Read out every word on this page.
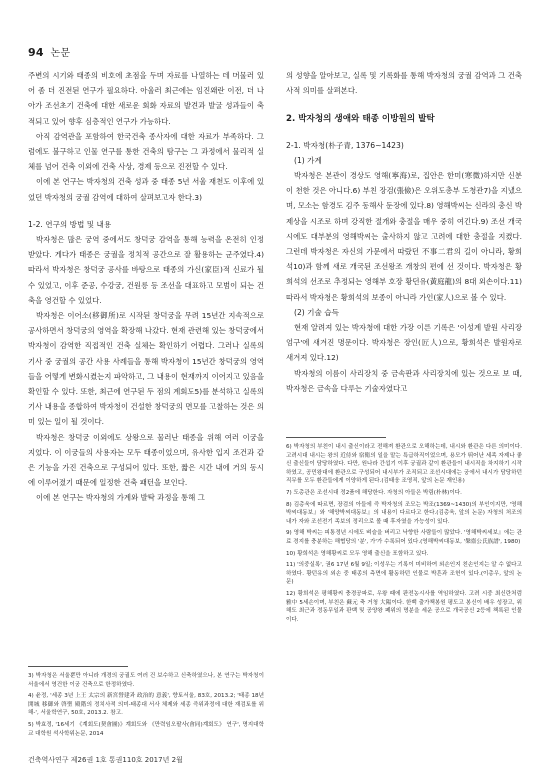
94 논문

주변의 시기와 태종의 비호에 초점을 두며 자료를 나열하는 데 머물러 있어 좀 더 진전된 연구가 필요하다. 아울러 최근에는 임진왜란 이전, 더 나아가 조선초기 건축에 대한 새로운 회화 자료의 발견과 발굴 성과들이 축적되고 있어 향후 심층적인 연구가 가능하다.

아직 감역관을 포함하여 한국건축 종사자에 대한 자료가 부족하다. 그럼에도 불구하고 인물 연구를 통한 건축의 탐구는 그 과정에서 물리적 실체를 넘어 건축 이외에 건축 사상, 경제 등으로 진전할 수 있다.

이에 본 연구는 박자청의 건축 성과 중 태종 5년 서울 재천도 이후에 있었던 박자청의 궁궐 감역에 대하여 살펴보고자 한다.3)

1-2. 연구의 방법 및 내용

박자청은 많은 궁역 중에서도 창덕궁 감역을 통해 능력을 온전히 인정받았다. 게다가 태종은 궁궐을 정치적 공간으로 잘 활용하는 군주였다.4) 따라서 박자청은 창덕궁 공사를 바탕으로 태종의 가신(家臣)적 신료가 될 수 있었고, 이후 준공, 수강궁, 건원릉 등 조선을 대표하고 모범이 되는 건축을 영건할 수 있었다.

박자청은 이어소(移御所)로 시작된 창덕궁을 무려 15년간 지속적으로 공사하면서 창덕궁의 영역을 확장해 나갔다. 현재 관련해 있는 창덕궁에서 박자청이 감역한 직접적인 건축 실체는 확인하기 어렵다. 그러나 실록의 기사 중 궁궐의 공간 사용 사례들을 통해 박자청이 15년간 창덕궁의 영역들을 어떻게 변화시켰는지 파악하고, 그 내용이 현재까지 이어지고 있음을 확인할 수 있다. 또한, 최근에 연구된 두 점의 계회도5)를 분석하고 실록의 기사 내용을 종합하여 박자청이 건설한 창덕궁의 면모를 고찰하는 것은 의미 있는 일이 될 것이다.

박자청은 창덕궁 이외에도 상왕으로 물러난 태종을 위해 여러 이궁을 지었다. 이 이궁들의 사용자는 모두 태종이었으며, 유사한 입지 조건과 같은 기능을 가진 건축으로 구성되어 있다. 또한, 짧은 시간 내에 거의 동시에 이루어졌기 때문에 일정한 건축 패턴을 보인다.

이에 본 연구는 박자청의 가계와 발탁 과정을 통해 그

3) 박자청은 서울뿐만 아니라 개경의 궁궐도 여러 건 보수하고 신축하였으나, 본 연구는 박자청이 서울에서 영건한 이궁 건축으로 한정하였다.

4) 윤정, '세종 3년 上王 太宗의 新宮營建과 政治的 意義', 향토서울, 83호, 2013.2; '태종 18년 開城 移御와 啓聖 殿階의 정치사적 의미-태종대 서사 체제와 세종 즉위과정에 대한 재검토를 위해-', 서울학연구, 50호, 2013.2. 참고.

5) 박효정, '16세기 《계회도(契會圖)》계회도와 《만력임오팔사(會同)계회도》 연구', 명지대학교 대학원 석사학위논문, 2014

의 성향을 알아보고, 실록 및 기록화를 통해 박자청의 궁궐 감역과 그 건축사적 의미를 살펴본다.

2. 박자청의 생애와 태종 이방원의 발탁
2-1. 박자청(朴子青, 1376~1423)
(1) 가계

박자청은 본관이 경상도 영해(寧海)로, 집안은 한미(寒微)하지만 신분이 천한 것은 아니다.6) 부친 장검(張儉)은 오위도총부 도청관7)을 지냈으며, 모소는 함경도 김주 동해사 둔장에 있다.8) 영해박씨는 신라의 충신 박제상을 시조로 하며 강직한 절개와 충절을 매우 중히 여긴다.9) 조선 개국 시에도 대부분의 영해박씨는 출사하지 않고 고려에 대한 충절을 지켰다. 그런데 박자청은 자신의 가문에서 따랐던 不事二君의 길이 아니라, 황희석10)과 함께 새로 개국된 조선왕조 개창의 편에 선 것이다. 박자청은 황희석의 선조로 추정되는 영해부 호장 황던유(黃庭龍)의 8대 외손이다.11) 따라서 박자청은 황희석의 보종이 아니라 가인(家人)으로 볼 수 있다.

(2) 기술 습득

현재 알려져 있는 박자청에 대한 가장 이른 기록은 '이성계 발원 사리장엄구'에 새겨진 명문이다. 박자청은 장인(匠人)으로, 황희석은 발원자로 새겨져 있다.12)

박자청의 이름이 사리장치 중 금속판과 사리장치에 있는 것으로 보 때, 박자청은 금속을 다루는 기술자였다고

6) 박자청의 부친이 내시 출신이라고 전해져 환관으로 오해하는데, 내시와 환관은 다른 의미이다. 고려시대 내시는 왕의 近侍와 宿衛의 일을 맡는 특급하직이었으며, 용모가 뛰어난 세족 자제나 좋신 출신들이 담당하였다. 다만, 원나라 간섭기 이후 궁궐과 같이 환관들이 내시직을 차지하기 시작하였고, 공민왕대에 환관으로 구성되어 내시부가 조직되고 조선시대에는 궁에서 내시가 담당하던 직무를 모두 환관들에게 이양하게 된다.(김태웅 조영직, 앞의 논문 재인용)

7) 도총관은 조선시대 정2품에 해당한다. 자청의 아들은 박림(朴林)이다.

8) 김총욱에 따르면, 장검의 아들에 즉 박자청의 조모는 박조(1369~1430)의 부인이지만, '영해박씨대동보』와 '해양박씨대동보』의 내용이 다르다고 한다.(김총욱, 앞의 논문) 자청의 처조의 내가 자와 조선전기 족보의 정리으로 볼 때 후자였을 가능성이 있다.

9) 영해 박씨는 피통정년 시에도 벼슬을 버리고 낙향한 사람들이 많았다. '영해박씨세보』에는 관료 경지를 충분하는 해협당의 '분', 가'가 수록되어 있다.(영해박씨대동보, '槃齋公氏族譜', 1980)

10) 황희석은 영해황씨로 모두 영해 출신을 포함하고 있다.

11) '의중실록', 권6 17년 6월 9일; 이성우는 기록이 미비하여 외손인지 친손인지는 알 수 없다고 하였다. 황던유의 외손 중 태종의 측면에 활동하던 인물로 박흔과 조헌이 있다.(이총우, 앞의 논문)

12) 황희석은 평해황씨 충경공파로, 우왕 때에 판전농시사를 역임하였다. 고려 시중 최신란처럼 雅中 5세손이며, 부친은 蘇元 축 거청 大陽이다. 한백 출가책봉원 평도고 봉신이 배우 성장고, 위해도 최근과 정동무일과 판백 및 공양왕 폐위의 명분을 세운 공으로 개국공신 2등에 책록된 인물이다.

건축역사연구 제26권 1호 통권110호 2017년 2월
